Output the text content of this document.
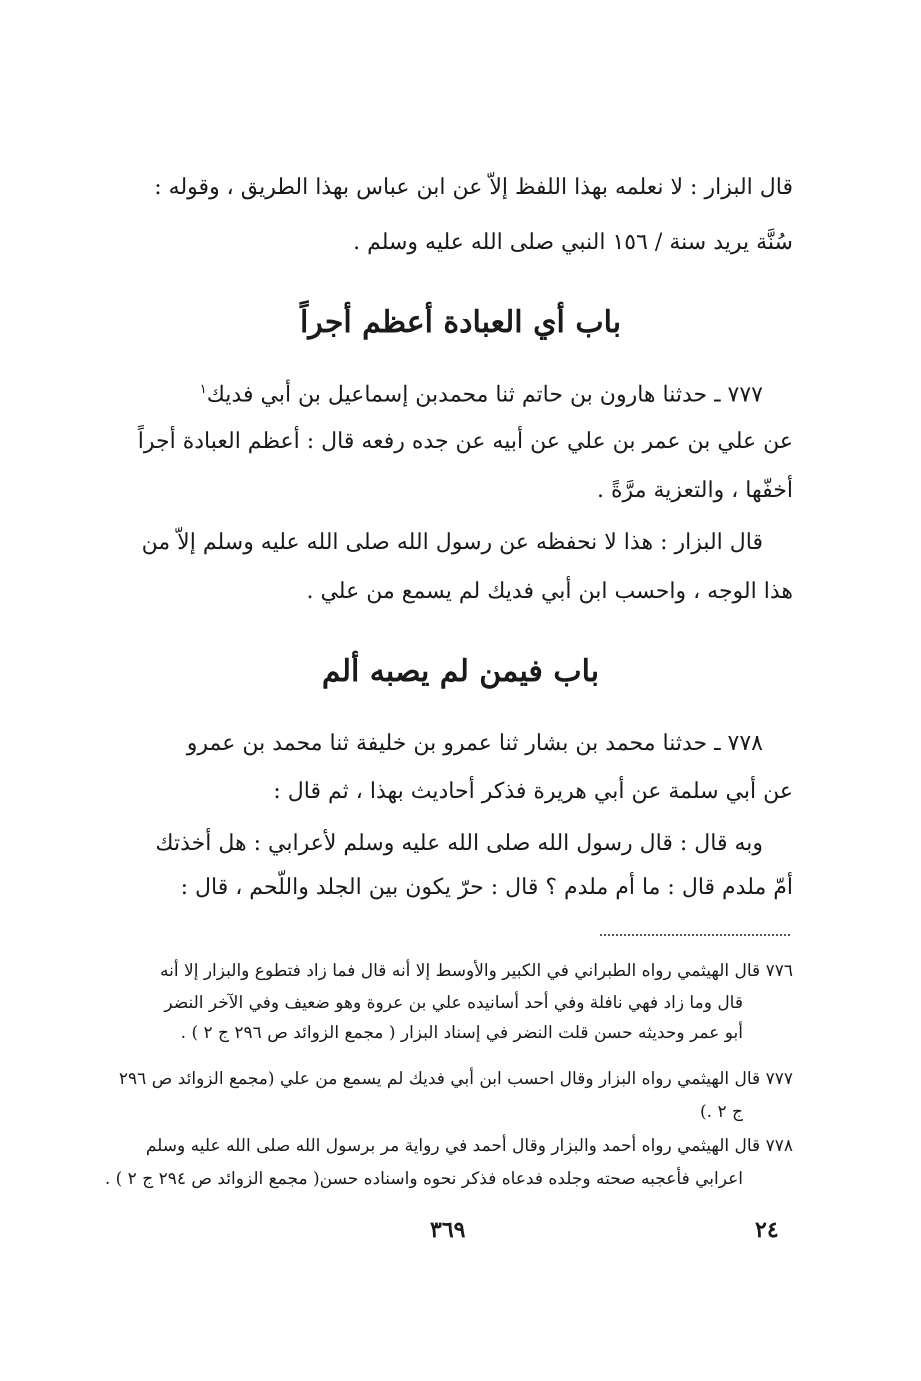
قال البزار : لا نعلمه بهذا اللفظ إلاّ عن ابن عباس بهذا الطريق ، وقوله :
سُنَّة يريد سنة / ١٥٦ النبي صلى الله عليه وسلم .
باب أي العبادة أعظم أجراً
٧٧٧ ـ حدثنا هارون بن حاتم ثنا محمدبن إسماعيل بن أبي فديك$^١$
عن علي بن عمر بن علي عن أبيه عن جده رفعه قال : أعظم العبادة أجراً
أخفّها ، والتعزية مرَّةً .
قال البزار : هذا لا نحفظه عن رسول الله صلى الله عليه وسلم إلاّ من
هذا الوجه ، واحسب ابن أبي فديك لم يسمع من علي .
باب فيمن لم يصبه ألم
٧٧٨ ـ حدثنا محمد بن بشار ثنا عمرو بن خليفة ثنا محمد بن عمرو
عن أبي سلمة عن أبي هريرة فذكر أحاديث بهذا ، ثم قال :
وبه قال : قال رسول الله صلى الله عليه وسلم لأعرابي : هل أخذتك
أمّ ملدم قال : ما أم ملدم ؟ قال : حرّ يكون بين الجلد واللّحم ، قال :
٧٧٦ قال الهيثمي رواه الطبراني في الكبير والأوسط إلا أنه قال فما زاد فتطوع والبزار إلا أنه
قال وما زاد فهي نافلة وفي أحد أسانيده علي بن عروة وهو ضعيف وفي الآخر النضر
أبو عمر وحديثه حسن قلت النضر في إسناد البزار ( مجمع الزوائد ص ٢٩٦ ج ٢ ) .
٧٧٧ قال الهيثمي رواه البزار وقال احسب ابن أبي فديك لم يسمع من علي (مجمع الزوائد ص ٢٩٦
ج ٢ .)
٧٧٨ قال الهيثمي رواه أحمد والبزار وقال أحمد في رواية مر برسول الله صلى الله عليه وسلم
اعرابي فأعجبه صحته وجلده فدعاه فذكر نحوه واسناده حسن( مجمع الزوائد ص ٢٩٤ ج ٢ ) .
٣٦٩	٢٤
